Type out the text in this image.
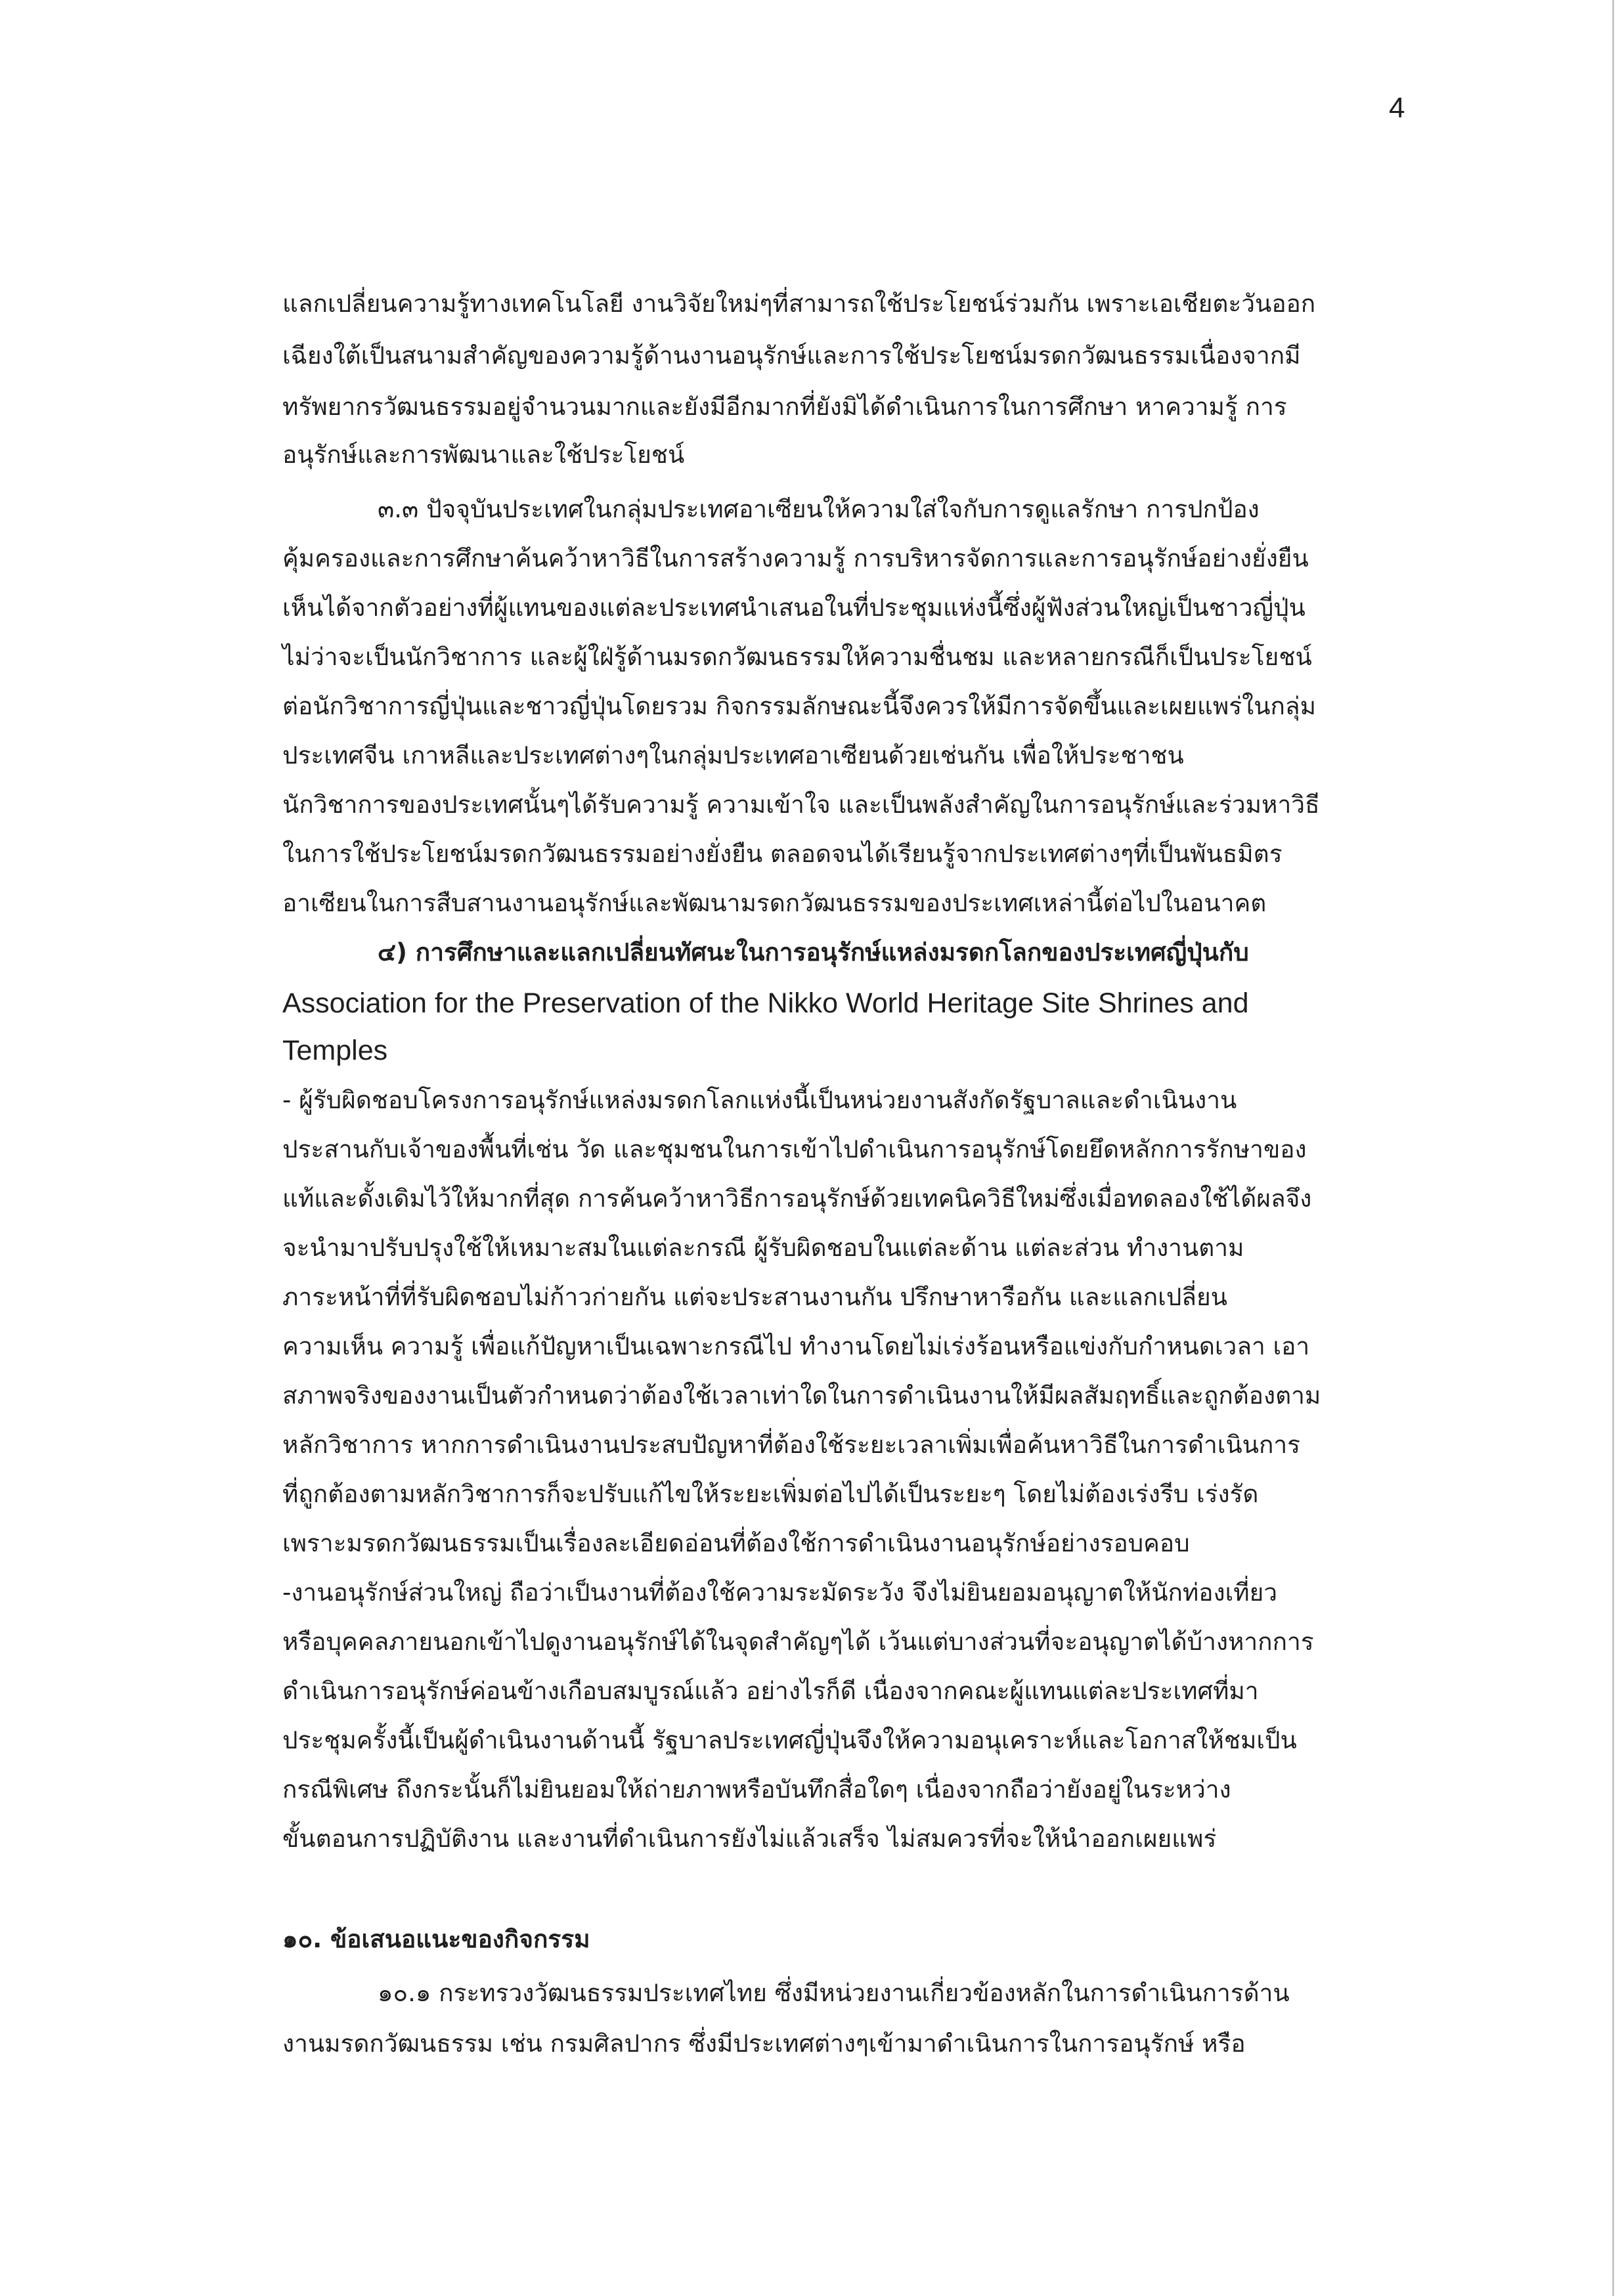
4
แลกเปลี่ยนความรู้ทางเทคโนโลยี งานวิจัยใหม่ๆที่สามารถใช้ประโยชน์ร่วมกัน เพราะเอเชียตะวันออก
เฉียงใต้เป็นสนามสำคัญของความรู้ด้านงานอนุรักษ์และการใช้ประโยชน์มรดกวัฒนธรรมเนื่องจากมี
ทรัพยากรวัฒนธรรมอยู่จำนวนมากและยังมีอีกมากที่ยังมิได้ดำเนินการในการศึกษา หาความรู้ การ
อนุรักษ์และการพัฒนาและใช้ประโยชน์
๓.๓ ปัจจุบันประเทศในกลุ่มประเทศอาเซียนให้ความใส่ใจกับการดูแลรักษา การปกป้อง
คุ้มครองและการศึกษาค้นคว้าหาวิธีในการสร้างความรู้ การบริหารจัดการและการอนุรักษ์อย่างยั่งยืน
เห็นได้จากตัวอย่างที่ผู้แทนของแต่ละประเทศนำเสนอในที่ประชุมแห่งนี้ซึ่งผู้ฟังส่วนใหญ่เป็นชาวญี่ปุ่น
ไม่ว่าจะเป็นนักวิชาการ และผู้ใฝ่รู้ด้านมรดกวัฒนธรรมให้ความชื่นชม และหลายกรณีก็เป็นประโยชน์
ต่อนักวิชาการญี่ปุ่นและชาวญี่ปุ่นโดยรวม กิจกรรมลักษณะนี้จึงควรให้มีการจัดขึ้นและเผยแพร่ในกลุ่ม
ประเทศจีน เกาหลีและประเทศต่างๆในกลุ่มประเทศอาเซียนด้วยเช่นกัน เพื่อให้ประชาชน
นักวิชาการของประเทศนั้นๆได้รับความรู้ ความเข้าใจ และเป็นพลังสำคัญในการอนุรักษ์และร่วมหาวิธี
ในการใช้ประโยชน์มรดกวัฒนธรรมอย่างยั่งยืน ตลอดจนได้เรียนรู้จากประเทศต่างๆที่เป็นพันธมิตร
อาเซียนในการสืบสานงานอนุรักษ์และพัฒนามรดกวัฒนธรรมของประเทศเหล่านี้ต่อไปในอนาคต
๔) การศึกษาและแลกเปลี่ยนทัศนะในการอนุรักษ์แหล่งมรดกโลกของประเทศญี่ปุ่นกับ
Association for the Preservation of the Nikko World Heritage Site Shrines and
Temples
- ผู้รับผิดชอบโครงการอนุรักษ์แหล่งมรดกโลกแห่งนี้เป็นหน่วยงานสังกัดรัฐบาลและดำเนินงาน
ประสานกับเจ้าของพื้นที่เช่น วัด และชุมชนในการเข้าไปดำเนินการอนุรักษ์โดยยึดหลักการรักษาของ
แท้และดั้งเดิมไว้ให้มากที่สุด การค้นคว้าหาวิธีการอนุรักษ์ด้วยเทคนิควิธีใหม่ซึ่งเมื่อทดลองใช้ได้ผลจึง
จะนำมาปรับปรุงใช้ให้เหมาะสมในแต่ละกรณี ผู้รับผิดชอบในแต่ละด้าน แต่ละส่วน ทำงานตาม
ภาระหน้าที่ที่รับผิดชอบไม่ก้าวก่ายกัน แต่จะประสานงานกัน ปรึกษาหารือกัน และแลกเปลี่ยน
ความเห็น ความรู้ เพื่อแก้ปัญหาเป็นเฉพาะกรณีไป ทำงานโดยไม่เร่งร้อนหรือแข่งกับกำหนดเวลา เอา
สภาพจริงของงานเป็นตัวกำหนดว่าต้องใช้เวลาเท่าใดในการดำเนินงานให้มีผลสัมฤทธิ์และถูกต้องตาม
หลักวิชาการ หากการดำเนินงานประสบปัญหาที่ต้องใช้ระยะเวลาเพิ่มเพื่อค้นหาวิธีในการดำเนินการ
ที่ถูกต้องตามหลักวิชาการก็จะปรับแก้ไขให้ระยะเพิ่มต่อไปได้เป็นระยะๆ โดยไม่ต้องเร่งรีบ เร่งรัด
เพราะมรดกวัฒนธรรมเป็นเรื่องละเอียดอ่อนที่ต้องใช้การดำเนินงานอนุรักษ์อย่างรอบคอบ
-งานอนุรักษ์ส่วนใหญ่ ถือว่าเป็นงานที่ต้องใช้ความระมัดระวัง จึงไม่ยินยอมอนุญาตให้นักท่องเที่ยว
หรือบุคคลภายนอกเข้าไปดูงานอนุรักษ์ได้ในจุดสำคัญๆได้ เว้นแต่บางส่วนที่จะอนุญาตได้บ้างหากการ
ดำเนินการอนุรักษ์ค่อนข้างเกือบสมบูรณ์แล้ว อย่างไรก็ดี เนื่องจากคณะผู้แทนแต่ละประเทศที่มา
ประชุมครั้งนี้เป็นผู้ดำเนินงานด้านนี้ รัฐบาลประเทศญี่ปุ่นจึงให้ความอนุเคราะห์และโอกาสให้ชมเป็น
กรณีพิเศษ ถึงกระนั้นก็ไม่ยินยอมให้ถ่ายภาพหรือบันทึกสื่อใดๆ เนื่องจากถือว่ายังอยู่ในระหว่าง
ขั้นตอนการปฏิบัติงาน และงานที่ดำเนินการยังไม่แล้วเสร็จ ไม่สมควรที่จะให้นำออกเผยแพร่
๑๐. ข้อเสนอแนะของกิจกรรม
๑๐.๑ กระทรวงวัฒนธรรมประเทศไทย ซึ่งมีหน่วยงานเกี่ยวข้องหลักในการดำเนินการด้าน
งานมรดกวัฒนธรรม เช่น กรมศิลปากร ซึ่งมีประเทศต่างๆเข้ามาดำเนินการในการอนุรักษ์ หรือ
